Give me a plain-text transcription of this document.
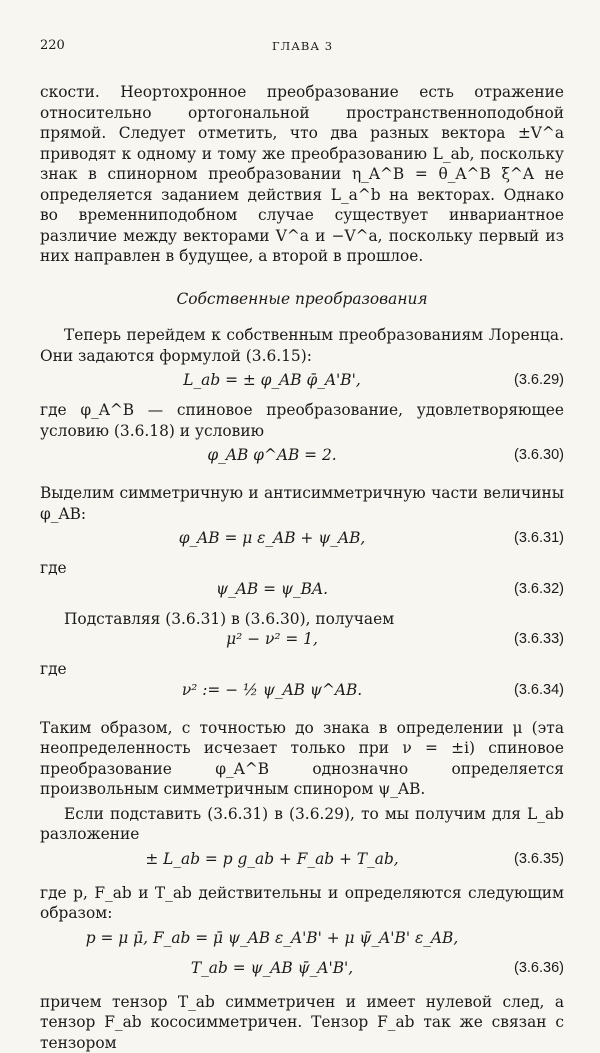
220	ГЛАВА 3

скости. Неортохронное преобразование есть отражение относительно ортогональной пространственноподобной прямой. Следует отметить, что два разных вектора ±V^a приводят к одному и тому же преобразованию L_ab, поскольку знак в спинорном преобразовании η_A^B = θ_A^B ξ^A не определяется заданием действия L_a^b на векторах. Однако во временниподобном случае существует инвариантное различие между векторами V^a и −V^a, поскольку первый из них направлен в будущее, а второй в прошлое.

Собственные преобразования

Теперь перейдем к собственным преобразованиям Лоренца. Они задаются формулой (3.6.15):

L_ab = ± φ_AB φ̄_A'B',	(3.6.29)

где φ_A^B — спиновое преобразование, удовлетворяющее условию (3.6.18) и условию

φ_AB φ^AB = 2.	(3.6.30)

Выделим симметричную и антисимметричную части величины φ_AB:

φ_AB = μ ε_AB + ψ_AB,	(3.6.31)

где

ψ_AB = ψ_BA.	(3.6.32)

Подставляя (3.6.31) в (3.6.30), получаем

μ² − ν² = 1,	(3.6.33)

где

ν² := − ½ ψ_AB ψ^AB.	(3.6.34)

Таким образом, с точностью до знака в определении μ (эта неопределенность исчезает только при ν = ±i) спиновое преобразование φ_A^B однозначно определяется произвольным симметричным спинором ψ_AB.

Если подставить (3.6.31) в (3.6.29), то мы получим для L_ab разложение

± L_ab = p g_ab + F_ab + T_ab,	(3.6.35)

где p, F_ab и T_ab действительны и определяются следующим образом:

p = μ μ̄, F_ab = μ̄ ψ_AB ε_A'B' + μ ψ̄_A'B' ε_AB,
T_ab = ψ_AB ψ̄_A'B',	(3.6.36)

причем тензор T_ab симметричен и имеет нулевой след, а тензор F_ab кососимметричен. Тензор F_ab так же связан с тензором
